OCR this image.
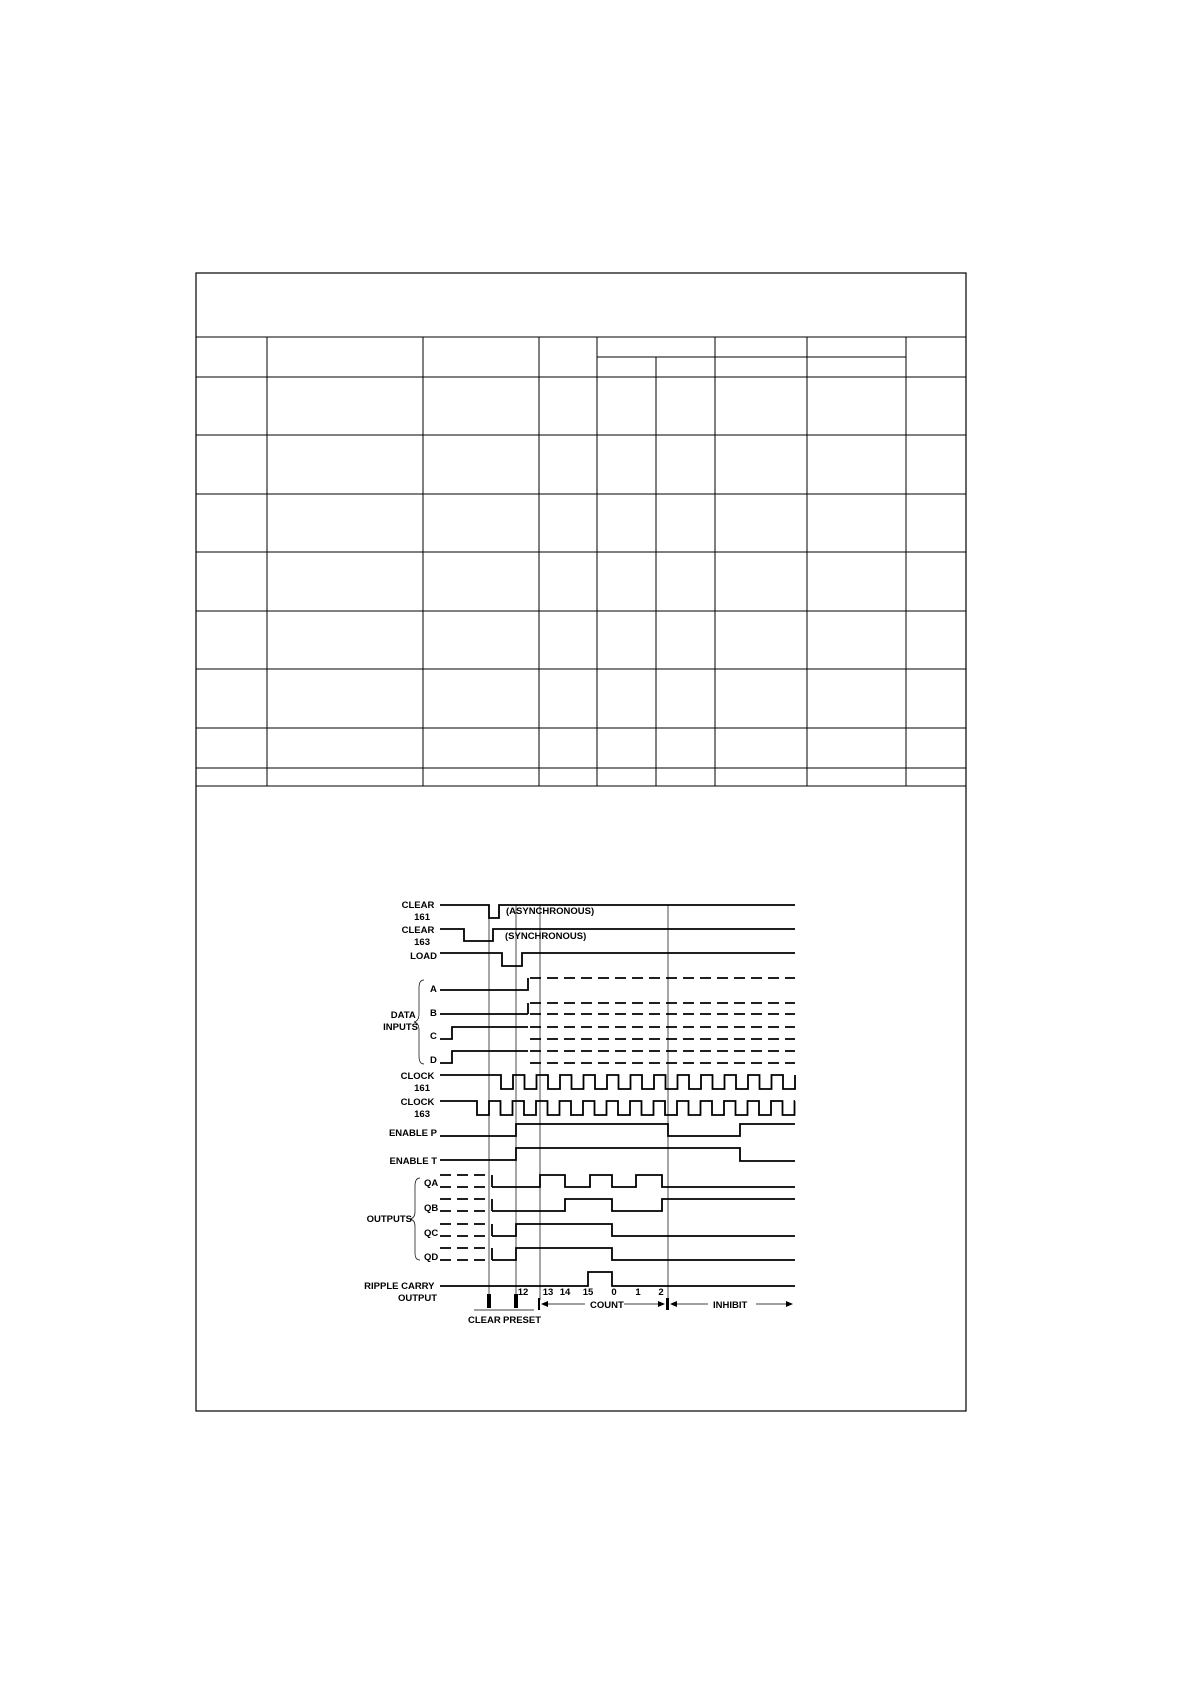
CLEAR 161
CLEAR 163
LOAD
A
B
C
D
DATA INPUTS
CLOCK 161
CLOCK 163
ENABLE P
ENABLE T
QA
QB
QC
QD
OUTPUTS
RIPPLE CARRY OUTPUT
(ASYNCHRONOUS)
(SYNCHRONOUS)
12 13 14 15 0 1 2
CLEAR PRESET
COUNT	INHIBIT
